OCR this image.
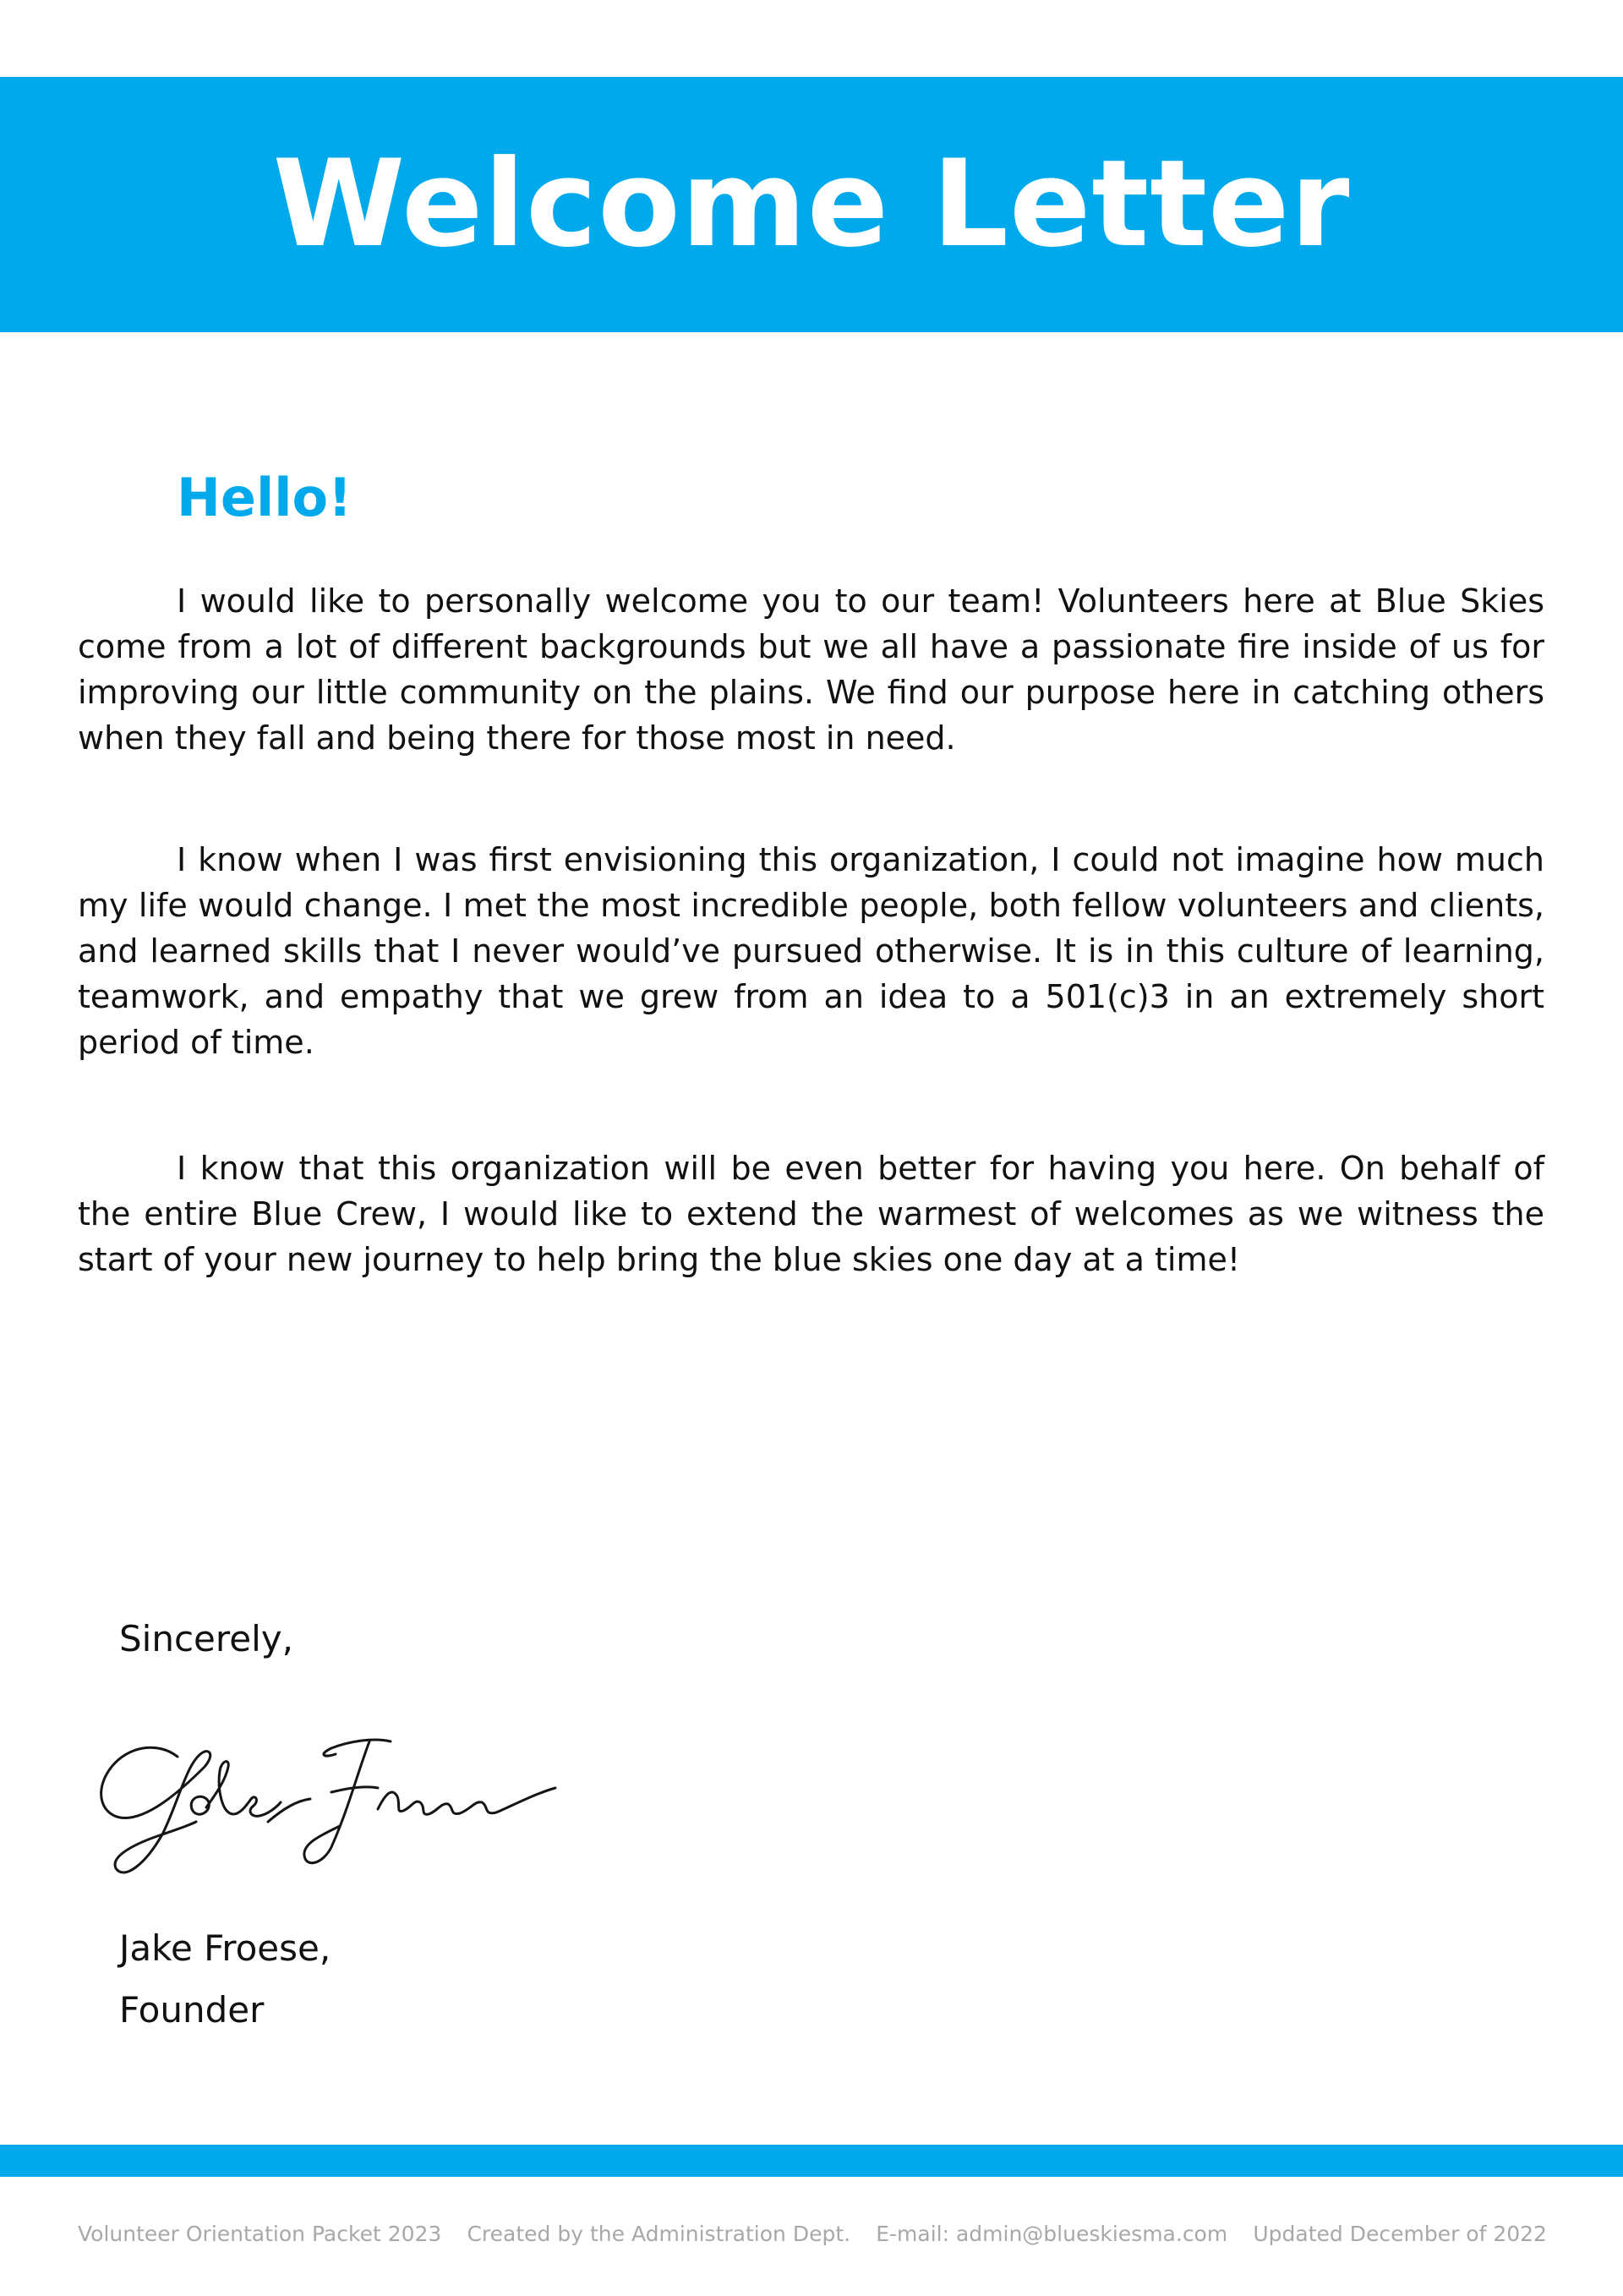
Welcome Letter
Hello!

I would like to personally welcome you to our team! Volunteers here at Blue Skies come from a lot of different backgrounds but we all have a passionate fire inside of us for improving our little community on the plains. We find our purpose here in catching others when they fall and being there for those most in need.

I know when I was first envisioning this organization, I could not imagine how much my life would change. I met the most incredible people, both fellow volunteers and clients, and learned skills that I never would’ve pursued otherwise. It is in this culture of learning, teamwork, and empathy that we grew from an idea to a 501(c)3 in an extremely short period of time.

I know that this organization will be even better for having you here. On behalf of the entire Blue Crew, I would like to extend the warmest of welcomes as we witness the start of your new journey to help bring the blue skies one day at a time!

Sincerely,

Jake Froese,

Founder

Volunteer Orientation Packet 2023 Created by the Administration Dept. E-mail: admin@blueskiesma.com Updated December of 2022
